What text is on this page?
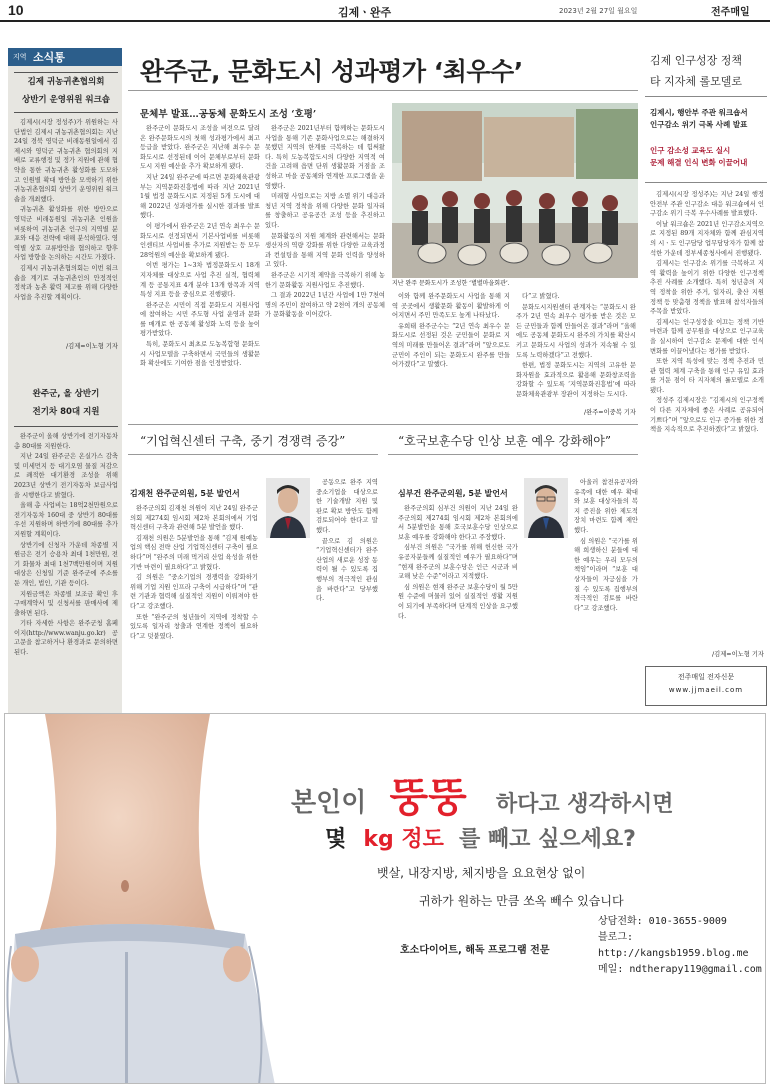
10	김제ㆍ완주	2023년 2월 27일 월요일	전주매일
지역 소식통
김제 귀농귀촌협의회
상반기 운영위원 워크숍

김제시(시장 정성주)가 위원하는 사단법인 김제시 귀농귀촌협의회는 지난 24일 경북 영덕군 비래동원일에서 김제시와 영덕군 귀농귀촌 협의회의 지배로 교류행정 및 정가 지원에 관해 협약을 통한 귀농귀촌 활성화를 도모하고 인원별 확대 방안을 모색하기 위한 귀농귀촌협의회 상반기 운영위원 워크숍을 개최했다.

귀농귀촌 활성화를 위한 방안으로 영덕군 비래동원일 귀농귀촌 인원을 비롯하여 귀농귀촌 인구의 지역별 분포와 대응 전략에 대해 분석하였다. 영역별 상호 교류방안을 협의하고 향후 사업 방향을 논의하는 시간도 가졌다.

김제시 귀농귀촌협의회는 이번 워크숍을 계기로 귀농귀촌인의 안정적인 정착과 농촌 활력 제고를 위해 다양한 사업을 추진할 계획이다.

/김제=이노형 기자
완주군, 올 상반기
전기차 80대 지원

완주군이 올해 상반기에 전기자동차 총 80대를 지원한다.

지난 24일 완주군은 온실가스 감축 및 미세먼지 등 대기오염 물질 저감으로 쾌적한 대기환경 조성을 위해 2023년 상반기 전기자동차 보급사업을 시행한다고 밝혔다.

올해 총 사업비는 18억2천만원으로 전기자동차 160대 중 상반기 80대를 우선 지원하며 하반기에 80대를 추가 지원할 계획이다.

상반기에 신청자 가운데 차종별 지원금은 전기 승용차 최대 1천만원, 전기 화물차 최대 1천7백만원이며 지원대상은 신청일 기준 완주군에 주소를 둔 개인, 법인, 기관 등이다.

지원금액은 차종별 보조금 확인 후 구매계약서 및 신청서를 판매사에 제출하면 된다.

기타 자세한 사항은 완주군청 홈페이지(http://www.wanju.go.kr) 공고문을 참고하거나 환경과로 문의하면 된다.

완주군, 문화도시 성과평가 ‘최우수’
문체부 발표…공동체 문화도시 조성 ‘호평’

완주군이 문화도시 조성을 비전으로 달려온 완주문화도시의 첫해 성과평가에서 최고 등급을 받았다. 완주군은 지난해 최우수 문화도시로 선정된데 이어 문체부로부터 문화도시 지원 예산을 추가 확보하게 됐다.

지난 24일 완주군에 따르면 문화체육관광부는 지역문화진흥법에 따라 지난 2021년 1월 법정 문화도시로 지정된 5개 도시에 대해 2022년 성과평가를 실시한 결과를 발표했다.

이 평가에서 완주군은 2년 연속 최우수 문화도시로 선정되면서 기본사업비를 비롯해 인센티브 사업비를 추가로 지원받는 등 모두 28억원의 예산을 확보하게 됐다.

이번 평가는 1~3차 법정문화도시 18개 지자체를 대상으로 사업 추진 실적, 협력체계 등 공통지표 4개 분야 13개 항목과 지역 특성 지표 등을 중심으로 진행됐다.

완주군은 시민이 직접 문화도시 지원사업에 참여하는 시민 주도형 사업 운영과 문화를 매개로 한 공동체 활성화 노력 등을 높이 평가받았다.

특히, 문화도시 최초로 도농복합형 문화도시 사업모델을 구축하면서 국민들의 생활문화 확산에도 기여한 점을 인정받았다.

완주군은 2021년부터 함께하는 문화도시사업을 통해 기존 문화사업으로는 해결하지 못했던 지역의 한계를 극복하는 데 힘써왔다. 특히 도농복합도시의 다양한 지역적 여건을 고려해 읍면 단위 생활문화 거점을 조성하고 마을 공동체와 연계한 프로그램을 운영했다.

미래형 사업으로는 지방 소멸 위기 대응과 청년 지역 정착을 위해 다양한 문화 일자리를 창출하고 공유공간 조성 등을 추진하고 있다.

문화활동의 지원 체계와 관련해서는 문화생산자의 역량 강화를 위한 다양한 교육과정과 컨설팅을 통해 지역 문화 인력을 양성하고 있다.

완주군은 시기적 제약을 극복하기 위해 농한기 문화활동 지원사업도 추진했다.

그 결과 2022년 1년간 사업에 1만 7천여 명의 주민이 참여하고 약 2천여 개의 공동체가 문화활동을 이어갔다.

지난 완주 문화도시가 조성한 ‘별별마을회관’.

이와 함께 완주문화도시 사업을 통해 지역 곳곳에서 생활문화 활동이 활발하게 이어지면서 주민 만족도도 높게 나타났다.

유희태 완주군수는 “2년 연속 최우수 문화도시로 선정된 것은 군민들이 문화로 지역의 미래를 만들어온 결과”라며 “앞으로도 군민이 주인이 되는 문화도시 완주를 만들어가겠다”고 말했다.

다”고 밝혔다.

문화도시지원센터 관계자는 “문화도시 완주가 2년 연속 최우수 평가를 받은 것은 모든 군민들과 함께 만들어온 결과”라며 “올해에도 공동체 문화도시 완주의 가치를 확산시키고 문화도시 사업의 성과가 지속될 수 있도록 노력하겠다”고 전했다.

한편, 법정 문화도시는 지역의 고유한 문화자원을 효과적으로 활용해 문화창조력을 강화할 수 있도록 ‘지역문화진흥법’에 따라 문화체육관광부 장관이 지정하는 도시다.

/완주=이중복 기자
“기업혁신센터 구축, 중기 경쟁력 증강”
김재천 완주군의원, 5분 발언서

완주군의회 김재천 의원이 지난 24일 완주군의회 제274회 임시회 제2차 본회의에서 기업혁신센터 구축과 관련해 5분 발언을 했다.

김재천 의원은 5분발언을 통해 “김제 원예농업의 핵심 전략 산업 기업혁신센터 구축이 필요하다”며 “완주의 미래 먹거리 산업 육성을 위한 기반 마련이 필요하다”고 밝혔다.

김 의원은 “중소기업의 경쟁력을 강화하기 위해 기업 지원 인프라 구축이 시급하다”며 “관련 기관과 협력해 실질적인 지원이 이뤄져야 한다”고 강조했다.

또한 “완주군의 청년들이 지역에 정착할 수 있도록 일자리 창출과 연계한 정책이 필요하다”고 덧붙였다.

공동으로 완주 지역 중소기업을 대상으로 한 기술개발 지원 및 판로 확보 방안도 함께 검토되어야 한다고 말했다.

끝으로 김 의원은 “기업혁신센터가 완주 산업의 새로운 성장 동력이 될 수 있도록 집행부의 적극적인 관심을 바란다”고 당부했다.

“호국보훈수당 인상 보훈 예우 강화해야”
심부건 완주군의원, 5분 발언서

완주군의회 심부건 의원이 지난 24일 완주군의회 제274회 임시회 제2차 본회의에서 5분발언을 통해 호국보훈수당 인상으로 보훈 예우를 강화해야 한다고 주장했다.

심부건 의원은 “국가를 위해 헌신한 국가유공자분들께 실질적인 예우가 필요하다”며 “현재 완주군의 보훈수당은 인근 시군과 비교해 낮은 수준”이라고 지적했다.

심 의원은 현재 완주군 보훈수당이 월 5만원 수준에 머물러 있어 실질적인 생활 지원이 되기에 부족하다며 단계적 인상을 요구했다.

아울러 참전유공자와 유족에 대한 예우 확대와 보훈 대상자들의 복지 증진을 위한 제도적 장치 마련도 함께 제안했다.

심 의원은 “국가를 위해 희생하신 분들에 대한 예우는 우리 모두의 책임”이라며 “보훈 대상자들이 자긍심을 가질 수 있도록 집행부의 적극적인 검토를 바란다”고 강조했다.

김제 인구성장 정책
타 지자체 롤모델로
김제시, 행안부 주관 워크숍서
인구감소 위기 극복 사례 발표
인구 감소성 교육도 실시
문제 해결 인식 변화 이끌어내

김제시(시장 정성주)는 지난 24일 행정안전부 주관 인구감소 대응 워크숍에서 인구감소 위기 극복 우수사례를 발표했다.

이날 워크숍은 2021년 인구감소지역으로 지정된 89개 지자체와 함께 관심지역의 시ㆍ도 인구담당 업무담당자가 함께 참석한 가운데 정부세종청사에서 진행됐다.

김제시는 인구감소 위기를 극복하고 지역 활력을 높이기 위한 다양한 인구정책 추진 사례를 소개했다. 특히 청년층의 지역 정착을 위한 주거, 일자리, 출산 지원 정책 등 맞춤형 정책을 발표해 참석자들의 주목을 받았다.

김제시는 인구성장을 이끄는 정책 기반 마련과 함께 공무원을 대상으로 인구교육을 실시하여 인구감소 문제에 대한 인식 변화를 이끌어냈다는 평가를 받았다.

또한 지역 특성에 맞는 정책 추진과 민관 협력 체계 구축을 통해 인구 유입 효과를 거둔 점이 타 지자체의 롤모델로 소개됐다.

정성주 김제시장은 “김제시의 인구정책이 다른 지자체에 좋은 사례로 공유되어 기쁘다”며 “앞으로도 인구 증가를 위한 정책을 지속적으로 추진하겠다”고 밝혔다.

/김제=이노형 기자
전주매일 전자신문
www.jjmaeil.com
본인이 뚱뚱 하다고 생각하시면
몇 kg 정도 를 빼고 싶으세요?
뱃살, 내장지방, 체지방을 요요현상 없이
귀하가 원하는 만큼 쏘옥 빼수 있습니다
호소다이어트, 해독 프로그램 전문
상담전화: 010-3655-9009
블로그: http://kangsb1959.blog.me
메일: ndtherapy119@gmail.com
